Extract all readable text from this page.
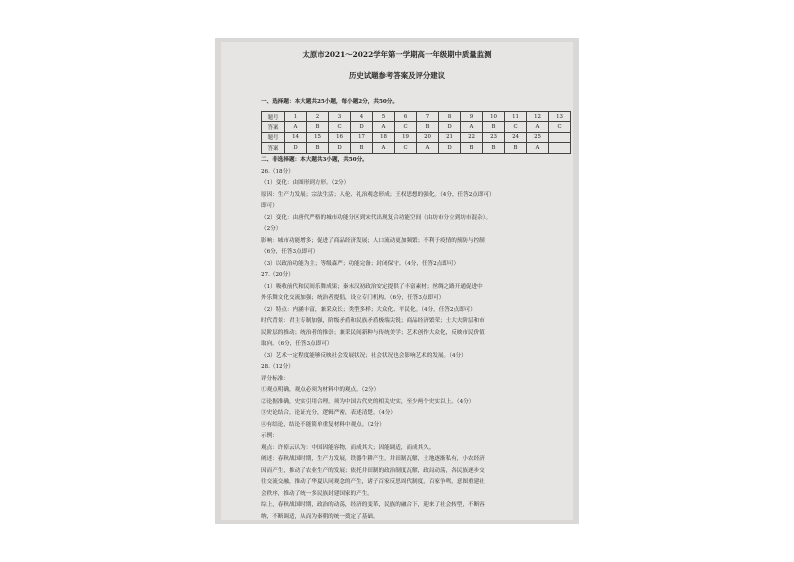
太原市2021～2022学年第一学期高一年级期中质量监测
历史试题参考答案及评分建议
一、选择题：本大题共25小题，每小题2分，共50分。
题号	1	2	3	4	5	6	7	8	9	10	11	12	13
答案	A	B	C	D	A	C	B	D	A	B	C	A	C
题号	14	15	16	17	18	19	20	21	22	23	24	25	
答案	D	B	D	B	A	C	A	D	B	B	B	A	
二、非选择题：本大题共3小题，共50分。
26.（18分）
（1）变化：由图形到方形。（2分）
原因：生产力发展；宗法生活；人伦、礼治观念形成；王权思想的强化。（4分，任答2点即可）
即可）
（2）变化：由唐代严格的城市功能分区到宋代出现复合功能空间（由坊市分立到坊市混杂）。
（2分）
影响：城市功能增多；促进了商品经济发展；人口流动更加频繁；不利于疫情的预防与控制
（6分，任答3点即可）
（3）以政治功能为主；等级森严；功能完备；封闭保守。（4分，任答2点即可）
27.（20分）
（1）吸收前代和民间乐舞成果；秦末汉初政治安定提供了丰富素材；丝绸之路开通促进中
外乐舞文化交流加强；统治者提倡，设立专门机构。（6分，任答3点即可）
（2）特点：内涵丰富，兼采众长；类型多样；大众化、平民化。（4分，任答2点即可）
时代背景：君主专制加强，阶级矛盾和民族矛盾极端尖锐；商品经济繁荣；士大夫阶层和市
民阶层的推动；统治者的推崇；兼采民间新种与传统美学；艺术创作大众化，反映市民价值
取向。（6分，任答3点即可）
（3）艺术一定程度能够反映社会发展状况；社会状况也会影响艺术的发展。（4分）
28.（12分）
评分标准：
①观点明确，观点必须为材料中的观点。（2分）
②论据准确，史实引用合理，须为中国古代史的相关史实，至少两个史实以上。（4分）
③史论结合，论证充分，逻辑严密，表述清楚。（4分）
④有结论，结论不能简单重复材料中观点。（2分）
示例：
观点：许倬云认为：中国因能容物，而成其大；因能调适，而成其久。
阐述：春秋战国时期，生产力发展，铁器牛耕产生，井田制瓦解，土地逐渐私有，小农经济
因而产生，推动了农业生产的发展；依托井田制的政治制度瓦解，政局动荡，各民族逐步交
往交流交融，推动了华夏认同观念的产生，诸子百家反思周代制度，百家争鸣，意图重建社
会秩序，推动了统一多民族封建国家的产生。
综上，春秋战国时期，政治的动荡，经济的变革，民族的融合下，迎来了社会转型，不断容
纳，不断调适，从而为秦朝的统一奠定了基础。
